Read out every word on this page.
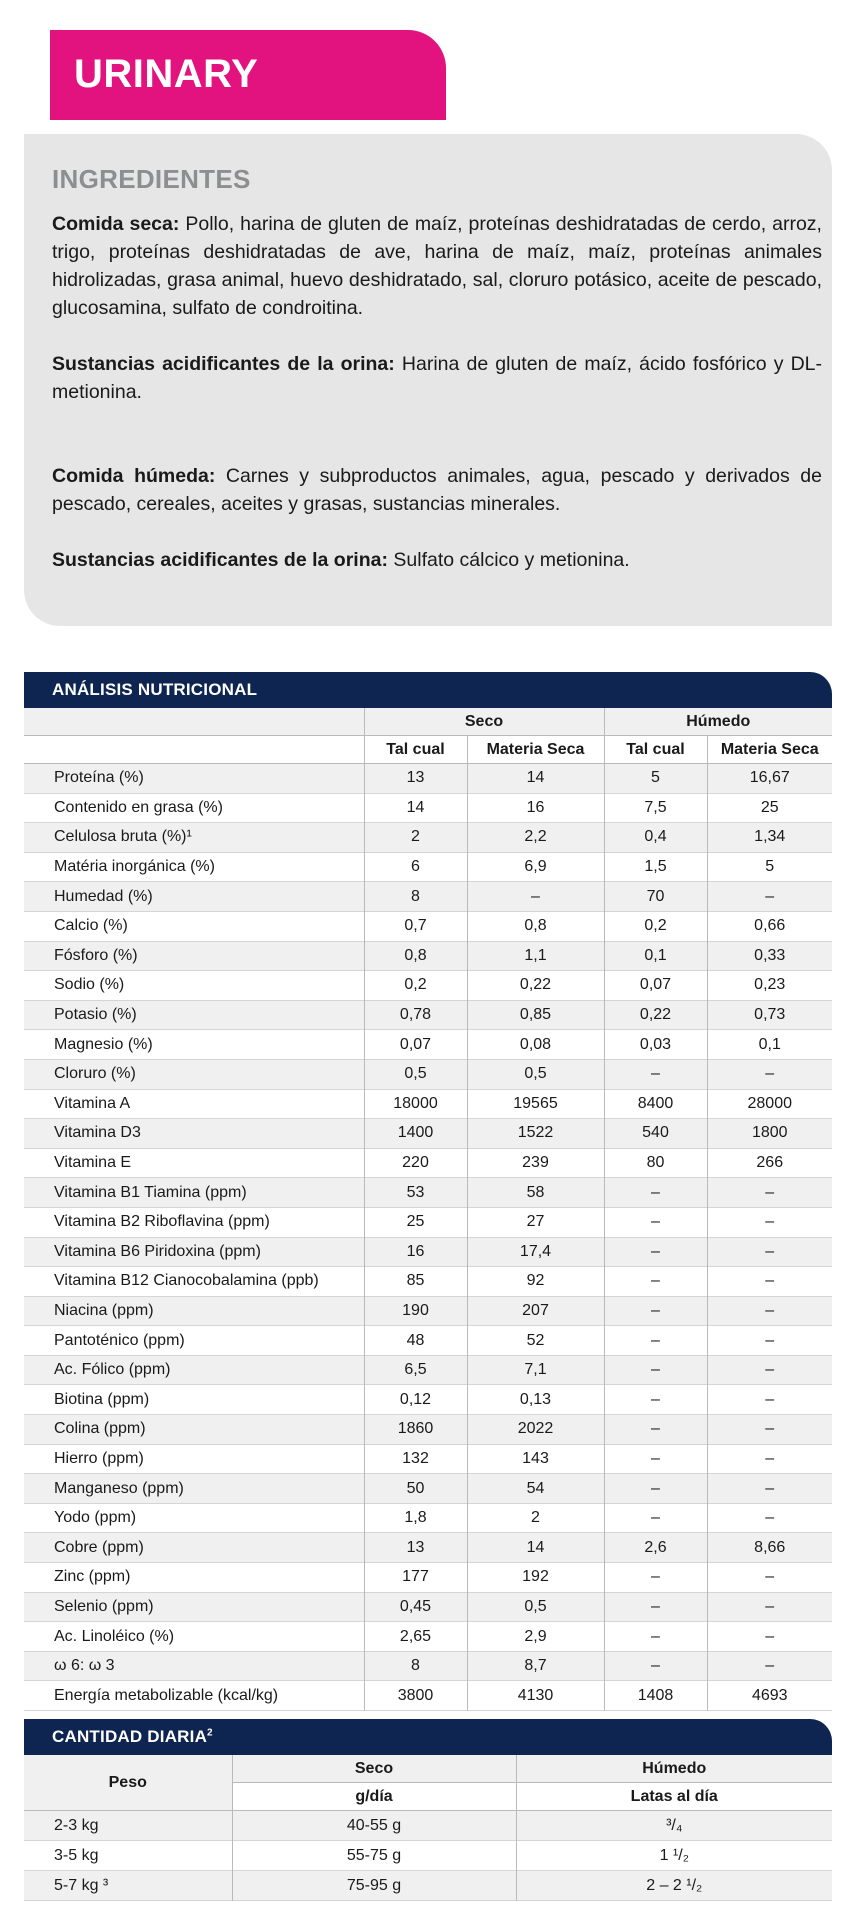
URINARY
INGREDIENTES

Comida seca: Pollo, harina de gluten de maíz, proteínas deshidratadas de cerdo, arroz, trigo, proteínas deshidratadas de ave, harina de maíz, maíz, proteínas animales hidrolizadas, grasa animal, huevo deshidratado, sal, cloruro potásico, aceite de pescado, glucosamina, sulfato de condroitina.

Sustancias acidificantes de la orina: Harina de gluten de maíz, ácido fosfórico y DL-metionina.

Comida húmeda: Carnes y subproductos animales, agua, pescado y derivados de pescado, cereales, aceites y grasas, sustancias minerales.

Sustancias acidificantes de la orina: Sulfato cálcico y metionina.

ANÁLISIS NUTRICIONAL
	Seco		Húmedo	
	Tal cual	Materia Seca	Tal cual	Materia Seca
Proteína (%)	13	14	5	16,67
Contenido en grasa (%)	14	16	7,5	25
Celulosa bruta (%)¹	2	2,2	0,4	1,34
Matéria inorgánica (%)	6	6,9	1,5	5
Humedad (%)	8	–	70	–
Calcio (%)	0,7	0,8	0,2	0,66
Fósforo (%)	0,8	1,1	0,1	0,33
Sodio (%)	0,2	0,22	0,07	0,23
Potasio (%)	0,78	0,85	0,22	0,73
Magnesio (%)	0,07	0,08	0,03	0,1
Cloruro (%)	0,5	0,5	–	–
Vitamina A	18000	19565	8400	28000
Vitamina D3	1400	1522	540	1800
Vitamina E	220	239	80	266
Vitamina B1 Tiamina (ppm)	53	58	–	–
Vitamina B2 Riboflavina (ppm)	25	27	–	–
Vitamina B6 Piridoxina (ppm)	16	17,4	–	–
Vitamina B12 Cianocobalamina (ppb)	85	92	–	–
Niacina (ppm)	190	207	–	–
Pantoténico (ppm)	48	52	–	–
Ac. Fólico (ppm)	6,5	7,1	–	–
Biotina (ppm)	0,12	0,13	–	–
Colina (ppm)	1860	2022	–	–
Hierro (ppm)	132	143	–	–
Manganeso (ppm)	50	54	–	–
Yodo (ppm)	1,8	2	–	–
Cobre (ppm)	13	14	2,6	8,66
Zinc (ppm)	177	192	–	–
Selenio (ppm)	0,45	0,5	–	–
Ac. Linoléico (%)	2,65	2,9	–	–
ω 6: ω 3	8	8,7	–	–
Energía metabolizable (kcal/kg)	3800	4130	1408	4693
CANTIDAD DIARIA$^2$
Peso	Seco	Húmedo
	g/día	Latas al día
2-3 kg	40-55 g	³/₄
3-5 kg	55-75 g	1 ¹/₂
5-7 kg ³	75-95 g	2 – 2 ¹/₂
